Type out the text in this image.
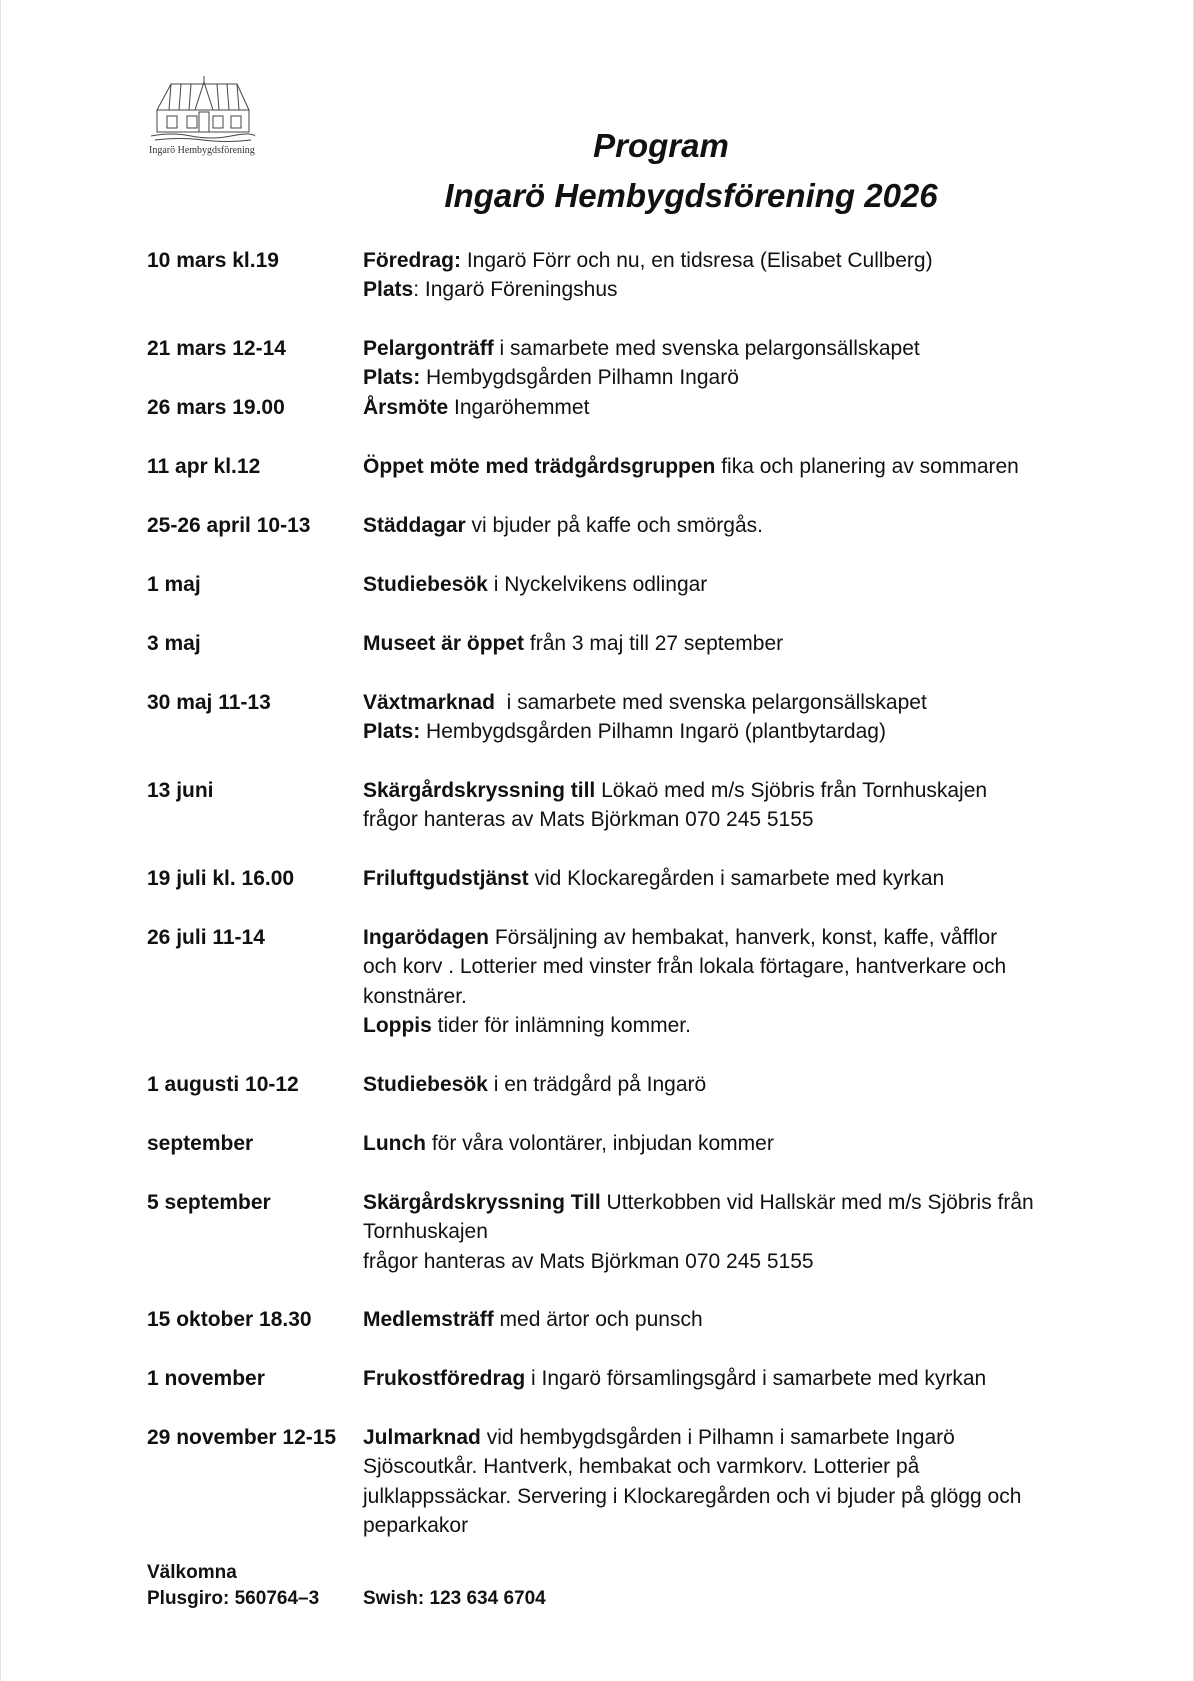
Ingarö Hembygdsförening	Program
Ingarö Hembygdsförening 2026
10 mars kl.19	Föredrag: Ingarö Förr och nu, en tidsresa (Elisabet Cullberg)
Plats: Ingarö Föreningshus
21 mars 12-14	Pelargonträff i samarbete med svenska pelargonsällskapet
Plats: Hembygdsgården Pilhamn Ingarö
26 mars 19.00	Årsmöte Ingaröhemmet
11 apr kl.12	Öppet möte med trädgårdsgruppen fika och planering av sommaren
25-26 april 10-13	Städdagar vi bjuder på kaffe och smörgås.
1 maj	Studiebesök i Nyckelvikens odlingar
3 maj	Museet är öppet från 3 maj till 27 september
30 maj 11-13	Växtmarknad  i samarbete med svenska pelargonsällskapet
Plats: Hembygdsgården Pilhamn Ingarö (plantbytardag)
13 juni	Skärgårdskryssning till Lökaö med m/s Sjöbris från Tornhuskajen
frågor hanteras av Mats Björkman 070 245 5155
19 juli kl. 16.00	Friluftgudstjänst vid Klockaregården i samarbete med kyrkan
26 juli 11-14	Ingarödagen Försäljning av hembakat, hanverk, konst, kaffe, våfflor
och korv . Lotterier med vinster från lokala förtagare, hantverkare och
konstnärer.
Loppis tider för inlämning kommer.
1 augusti 10-12	Studiebesök i en trädgård på Ingarö
september	Lunch för våra volontärer, inbjudan kommer
5 september	Skärgårdskryssning Till Utterkobben vid Hallskär med m/s Sjöbris från
Tornhuskajen
frågor hanteras av Mats Björkman 070 245 5155
15 oktober 18.30	Medlemsträff med ärtor och punsch
1 november	Frukostföredrag i Ingarö församlingsgård i samarbete med kyrkan
29 november 12-15	Julmarknad vid hembygdsgården i Pilhamn i samarbete Ingarö
Sjöscoutkår. Hantverk, hembakat och varmkorv. Lotterier på
julklappssäckar. Servering i Klockaregården och vi bjuder på glögg och
peparkakor
Välkomna
Plusgiro: 560764–3 Swish: 123 634 6704
